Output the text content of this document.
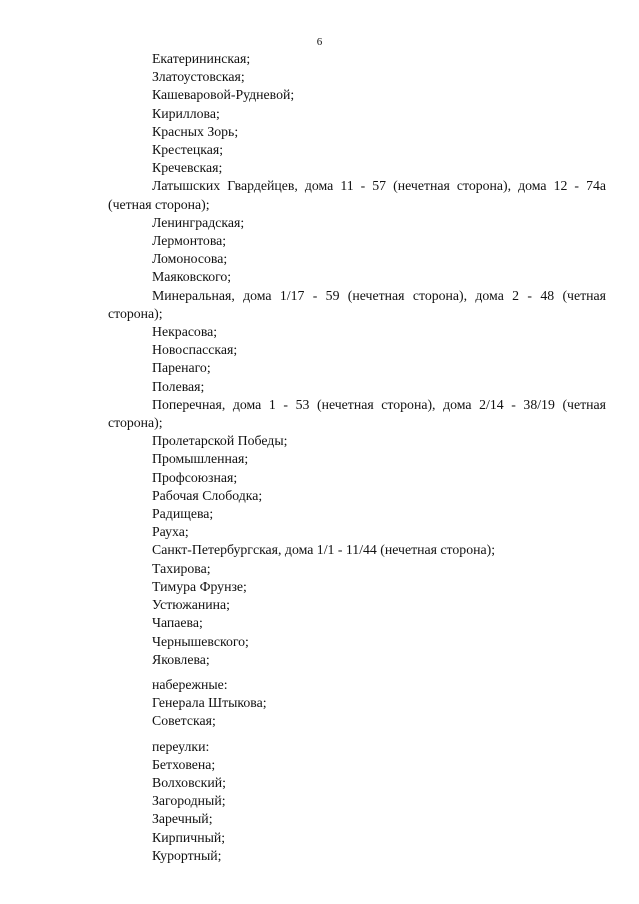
6
Екатерининская;
Златоустовская;
Кашеваровой-Рудневой;
Кириллова;
Красных Зорь;
Крестецкая;
Кречевская;
Латышских Гвардейцев, дома 11 - 57 (нечетная сторона), дома 12 - 74а (четная сторона);
Ленинградская;
Лермонтова;
Ломоносова;
Маяковского;
Минеральная, дома 1/17 - 59 (нечетная сторона), дома 2 - 48 (четная сторона);
Некрасова;
Новоспасская;
Паренаго;
Полевая;
Поперечная, дома 1 - 53 (нечетная сторона), дома 2/14 - 38/19 (четная сторона);
Пролетарской Победы;
Промышленная;
Профсоюзная;
Рабочая Слободка;
Радищева;
Рауха;
Санкт-Петербургская, дома 1/1 - 11/44 (нечетная сторона);
Тахирова;
Тимура Фрунзе;
Устюжанина;
Чапаева;
Чернышевского;
Яковлева;
набережные:
Генерала Штыкова;
Советская;
переулки:
Бетховена;
Волховский;
Загородный;
Заречный;
Кирпичный;
Курортный;
